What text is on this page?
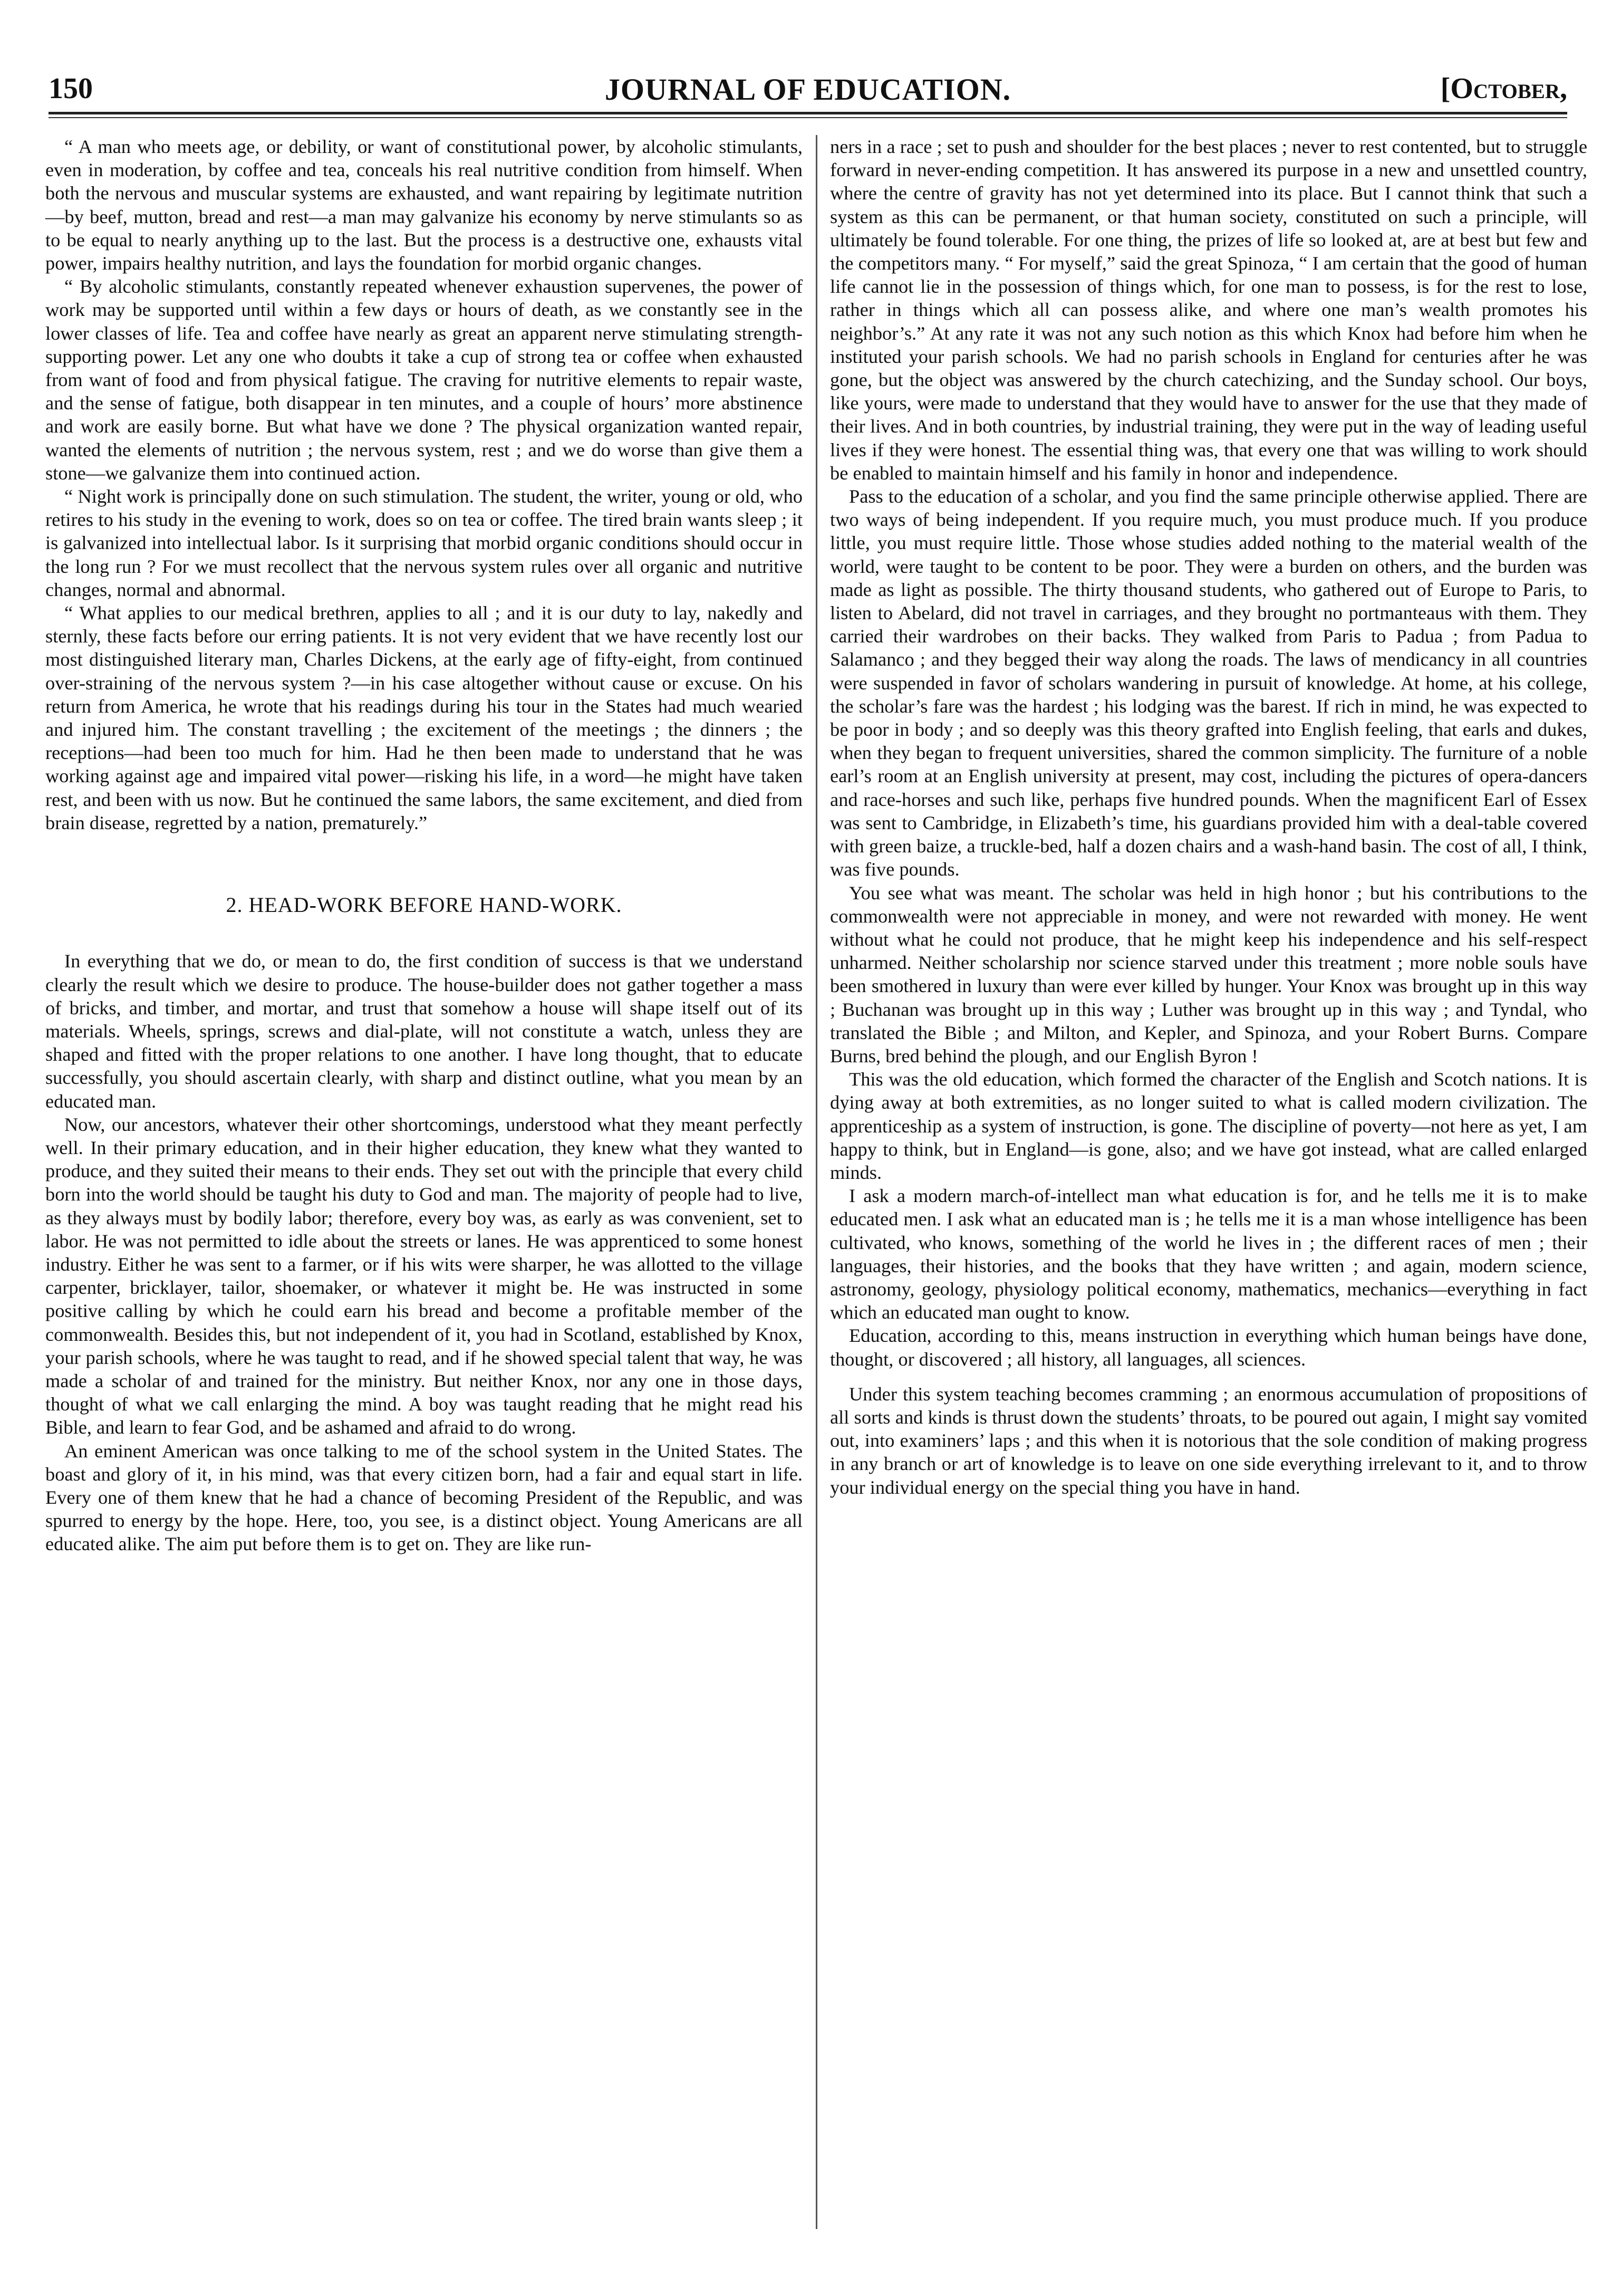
150	JOURNAL OF EDUCATION.	[October,

“ A man who meets age, or debility, or want of constitutional power, by alcoholic stimulants, even in moderation, by coffee and tea, conceals his real nutritive condition from himself. When both the nervous and muscular systems are exhausted, and want repairing by legitimate nutrition—by beef, mutton, bread and rest—a man may galvanize his economy by nerve stimulants so as to be equal to nearly anything up to the last. But the process is a destructive one, exhausts vital power, impairs healthy nutrition, and lays the foundation for morbid organic changes.

“ By alcoholic stimulants, constantly repeated whenever exhaustion supervenes, the power of work may be supported until within a few days or hours of death, as we constantly see in the lower classes of life. Tea and coffee have nearly as great an apparent nerve stimulating strength-supporting power. Let any one who doubts it take a cup of strong tea or coffee when exhausted from want of food and from physical fatigue. The craving for nutritive elements to repair waste, and the sense of fatigue, both disappear in ten minutes, and a couple of hours’ more abstinence and work are easily borne. But what have we done ? The physical organization wanted repair, wanted the elements of nutrition ; the nervous system, rest ; and we do worse than give them a stone—we galvanize them into continued action.

“ Night work is principally done on such stimulation. The student, the writer, young or old, who retires to his study in the evening to work, does so on tea or coffee. The tired brain wants sleep ; it is galvanized into intellectual labor. Is it surprising that morbid organic conditions should occur in the long run ? For we must recollect that the nervous system rules over all organic and nutritive changes, normal and abnormal.

“ What applies to our medical brethren, applies to all ; and it is our duty to lay, nakedly and sternly, these facts before our erring patients. It is not very evident that we have recently lost our most distinguished literary man, Charles Dickens, at the early age of fifty-eight, from continued over-straining of the nervous system ?—in his case altogether without cause or excuse. On his return from America, he wrote that his readings during his tour in the States had much wearied and injured him. The constant travelling ; the excitement of the meetings ; the dinners ; the receptions—had been too much for him. Had he then been made to understand that he was working against age and impaired vital power—risking his life, in a word—he might have taken rest, and been with us now. But he continued the same labors, the same excitement, and died from brain disease, regretted by a nation, prematurely.”

2. HEAD-WORK BEFORE HAND-WORK.

In everything that we do, or mean to do, the first condition of success is that we understand clearly the result which we desire to produce. The house-builder does not gather together a mass of bricks, and timber, and mortar, and trust that somehow a house will shape itself out of its materials. Wheels, springs, screws and dial-plate, will not constitute a watch, unless they are shaped and fitted with the proper relations to one another. I have long thought, that to educate successfully, you should ascertain clearly, with sharp and distinct outline, what you mean by an educated man.

Now, our ancestors, whatever their other shortcomings, understood what they meant perfectly well. In their primary education, and in their higher education, they knew what they wanted to produce, and they suited their means to their ends. They set out with the principle that every child born into the world should be taught his duty to God and man. The majority of people had to live, as they always must by bodily labor; therefore, every boy was, as early as was convenient, set to labor. He was not permitted to idle about the streets or lanes. He was apprenticed to some honest industry. Either he was sent to a farmer, or if his wits were sharper, he was allotted to the village carpenter, bricklayer, tailor, shoemaker, or whatever it might be. He was instructed in some positive calling by which he could earn his bread and become a profitable member of the commonwealth. Besides this, but not independent of it, you had in Scotland, established by Knox, your parish schools, where he was taught to read, and if he showed special talent that way, he was made a scholar of and trained for the ministry. But neither Knox, nor any one in those days, thought of what we call enlarging the mind. A boy was taught reading that he might read his Bible, and learn to fear God, and be ashamed and afraid to do wrong.

An eminent American was once talking to me of the school system in the United States. The boast and glory of it, in his mind, was that every citizen born, had a fair and equal start in life. Every one of them knew that he had a chance of becoming President of the Republic, and was spurred to energy by the hope. Here, too, you see, is a distinct object. Young Americans are all educated alike. The aim put before them is to get on. They are like run-

ners in a race ; set to push and shoulder for the best places ; never to rest contented, but to struggle forward in never-ending competition. It has answered its purpose in a new and unsettled country, where the centre of gravity has not yet determined into its place. But I cannot think that such a system as this can be permanent, or that human society, constituted on such a principle, will ultimately be found tolerable. For one thing, the prizes of life so looked at, are at best but few and the competitors many. “ For myself,” said the great Spinoza, “ I am certain that the good of human life cannot lie in the possession of things which, for one man to possess, is for the rest to lose, rather in things which all can possess alike, and where one man’s wealth promotes his neighbor’s.” At any rate it was not any such notion as this which Knox had before him when he instituted your parish schools. We had no parish schools in England for centuries after he was gone, but the object was answered by the church catechizing, and the Sunday school. Our boys, like yours, were made to understand that they would have to answer for the use that they made of their lives. And in both countries, by industrial training, they were put in the way of leading useful lives if they were honest. The essential thing was, that every one that was willing to work should be enabled to maintain himself and his family in honor and independence.

Pass to the education of a scholar, and you find the same principle otherwise applied. There are two ways of being independent. If you require much, you must produce much. If you produce little, you must require little. Those whose studies added nothing to the material wealth of the world, were taught to be content to be poor. They were a burden on others, and the burden was made as light as possible. The thirty thousand students, who gathered out of Europe to Paris, to listen to Abelard, did not travel in carriages, and they brought no portmanteaus with them. They carried their wardrobes on their backs. They walked from Paris to Padua ; from Padua to Salamanco ; and they begged their way along the roads. The laws of mendicancy in all countries were suspended in favor of scholars wandering in pursuit of knowledge. At home, at his college, the scholar’s fare was the hardest ; his lodging was the barest. If rich in mind, he was expected to be poor in body ; and so deeply was this theory grafted into English feeling, that earls and dukes, when they began to frequent universities, shared the common simplicity. The furniture of a noble earl’s room at an English university at present, may cost, including the pictures of opera-dancers and race-horses and such like, perhaps five hundred pounds. When the magnificent Earl of Essex was sent to Cambridge, in Elizabeth’s time, his guardians provided him with a deal-table covered with green baize, a truckle-bed, half a dozen chairs and a wash-hand basin. The cost of all, I think, was five pounds.

You see what was meant. The scholar was held in high honor ; but his contributions to the commonwealth were not appreciable in money, and were not rewarded with money. He went without what he could not produce, that he might keep his independence and his self-respect unharmed. Neither scholarship nor science starved under this treatment ; more noble souls have been smothered in luxury than were ever killed by hunger. Your Knox was brought up in this way ; Buchanan was brought up in this way ; Luther was brought up in this way ; and Tyndal, who translated the Bible ; and Milton, and Kepler, and Spinoza, and your Robert Burns. Compare Burns, bred behind the plough, and our English Byron !

This was the old education, which formed the character of the English and Scotch nations. It is dying away at both extremities, as no longer suited to what is called modern civilization. The apprenticeship as a system of instruction, is gone. The discipline of poverty—not here as yet, I am happy to think, but in England—is gone, also; and we have got instead, what are called enlarged minds.

I ask a modern march-of-intellect man what education is for, and he tells me it is to make educated men. I ask what an educated man is ; he tells me it is a man whose intelligence has been cultivated, who knows, something of the world he lives in ; the different races of men ; their languages, their histories, and the books that they have written ; and again, modern science, astronomy, geology, physiology political economy, mathematics, mechanics—everything in fact which an educated man ought to know.

Education, according to this, means instruction in everything which human beings have done, thought, or discovered ; all history, all languages, all sciences.

Under this system teaching becomes cramming ; an enormous accumulation of propositions of all sorts and kinds is thrust down the students’ throats, to be poured out again, I might say vomited out, into examiners’ laps ; and this when it is notorious that the sole condition of making progress in any branch or art of knowledge is to leave on one side everything irrelevant to it, and to throw your individual energy on the special thing you have in hand.
